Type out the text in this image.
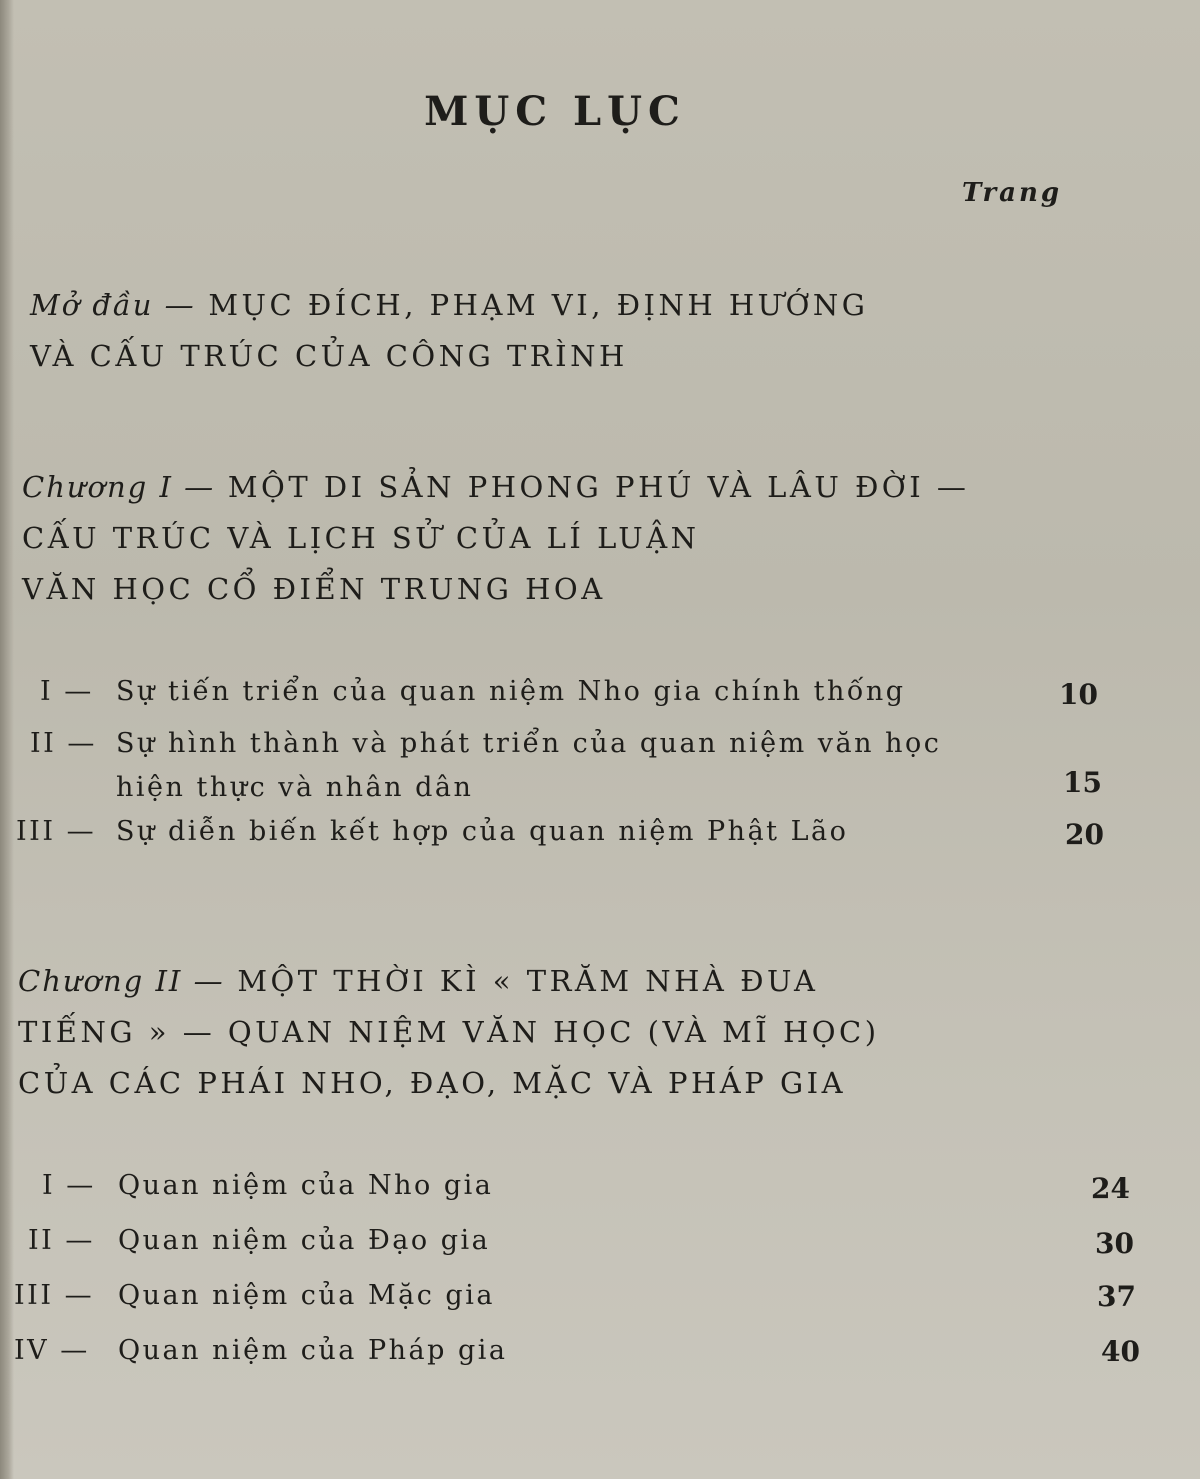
MỤC LỤC
Trang
Mở đầu — MỤC ĐÍCH, PHẠM VI, ĐỊNH HƯỚNG
VÀ CẤU TRÚC CỦA CÔNG TRÌNH
Chương I — MỘT DI SẢN PHONG PHÚ VÀ LÂU ĐỜI —
CẤU TRÚC VÀ LỊCH SỬ CỦA LÍ LUẬN
VĂN HỌC CỔ ĐIỂN TRUNG HOA
I — Sự tiến triển của quan niệm Nho gia chính thống	10
II — Sự hình thành và phát triển của quan niệm văn học
hiện thực và nhân dân	15
III — Sự diễn biến kết hợp của quan niệm Phật Lão	20
Chương II — MỘT THỜI KÌ « TRĂM NHÀ ĐUA
TIẾNG » — QUAN NIỆM VĂN HỌC (VÀ MĨ HỌC)
CỦA CÁC PHÁI NHO, ĐẠO, MẶC VÀ PHÁP GIA
I — Quan niệm của Nho gia	24
II — Quan niệm của Đạo gia	30
III — Quan niệm của Mặc gia	37
IV — Quan niệm của Pháp gia	40
